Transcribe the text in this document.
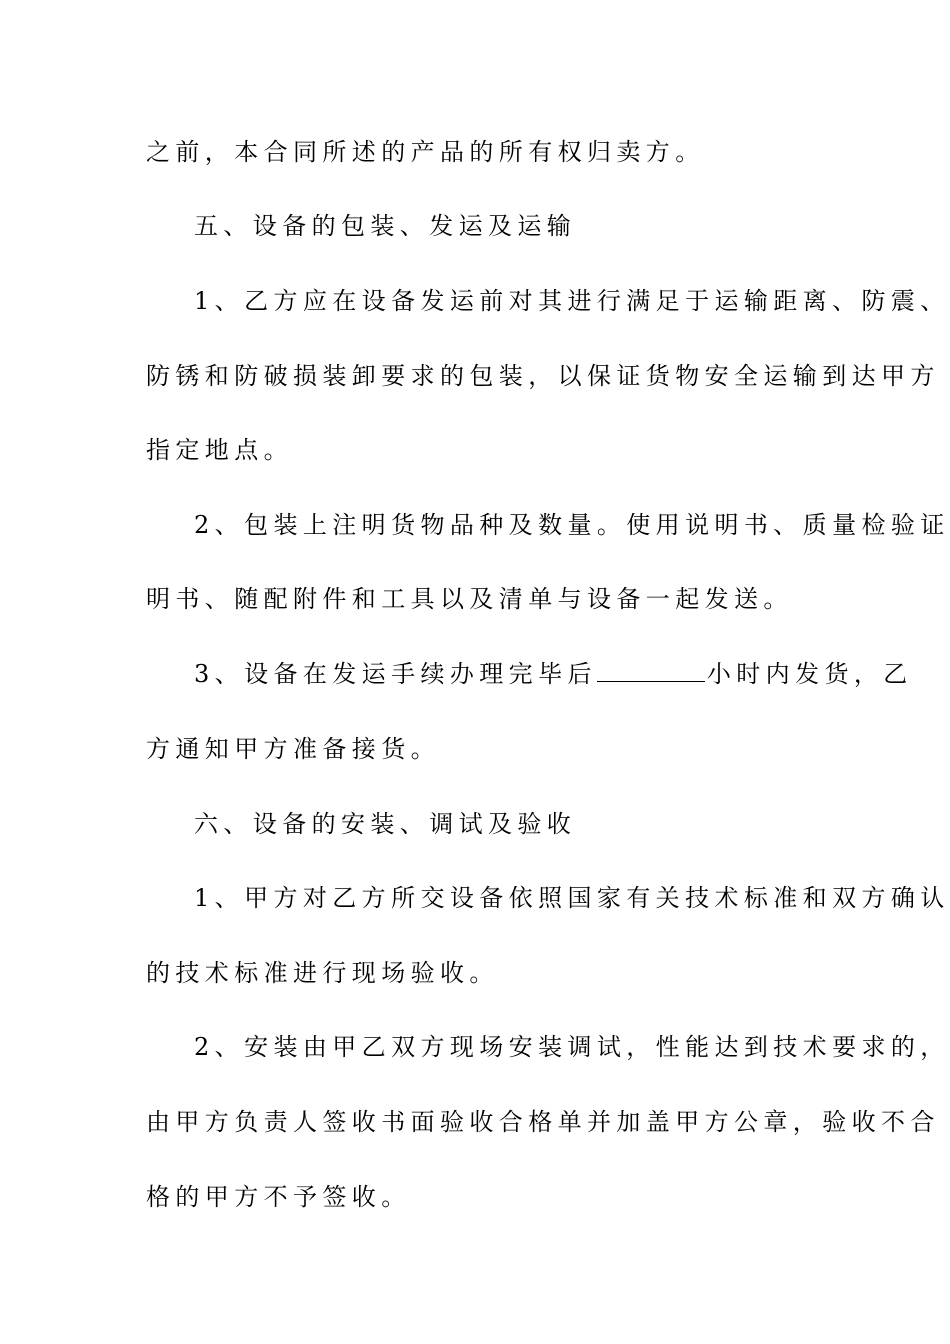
之前，本合同所述的产品的所有权归卖方。
五、设备的包装、发运及运输
1、乙方应在设备发运前对其进行满足于运输距离、防震、
防锈和防破损装卸要求的包装，以保证货物安全运输到达甲方
指定地点。
2、包装上注明货物品种及数量。使用说明书、质量检验证
明书、随配附件和工具以及清单与设备一起发送。
3、设备在发运手续办理完毕后	小时内发货，乙
方通知甲方准备接货。
六、设备的安装、调试及验收
1、甲方对乙方所交设备依照国家有关技术标准和双方确认
的技术标准进行现场验收。
2、安装由甲乙双方现场安装调试，性能达到技术要求的，
由甲方负责人签收书面验收合格单并加盖甲方公章，验收不合
格的甲方不予签收。
